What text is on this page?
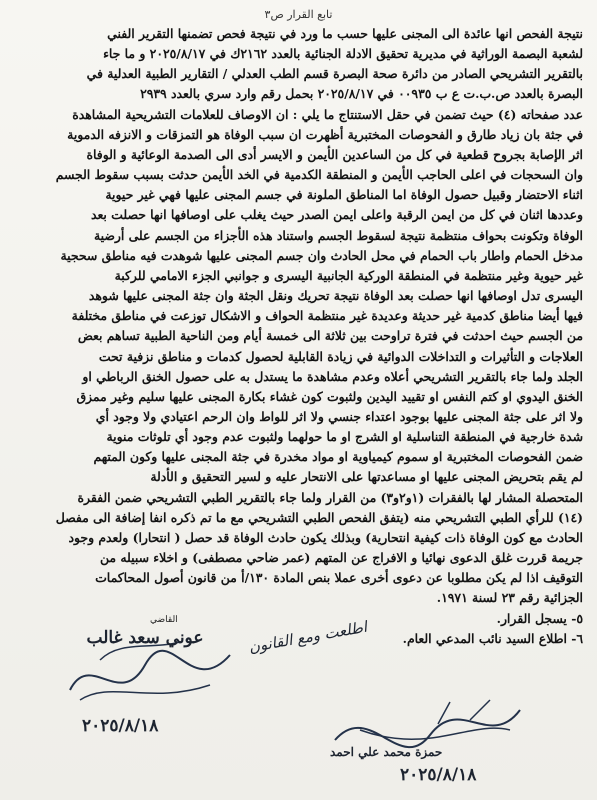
تابع القرار ص٣
نتيجة الفحص انها عائدة الى المجنى عليها حسب ما ورد في نتيجة فحص تضمنها التقرير الفني
لشعبة البصمة الوراثية في مديرية تحقيق الادلة الجنائية بالعدد ٢١٦٢ك في ٢٠٢٥/٨/١٧ و ما جاء
بالتقرير التشريحي الصادر من دائرة صحة البصرة قسم الطب العدلي / التقارير الطبية العدلية في
البصرة بالعدد ص.ب.ت ع ب ٠٠٩٣٥ في ٢٠٢٥/٨/١٧ بحمل رقم وارد سري بالعدد ٢٩٣٩
عدد صفحاته (٤) حيث تضمن في حقل الاستنتاج ما يلي : ان الاوصاف للعلامات التشريحية المشاهدة
في جثة بان زياد طارق و الفحوصات المختبرية أظهرت ان سبب الوفاة هو التمزقات و الانزفه الدموية
اثر الإصابة بجروح قطعية في كل من الساعدين الأيمن و الايسر أدى الى الصدمة الوعائية و الوفاة
وان السحجات في اعلى الحاجب الأيمن و المنطقة الكدمية في الخد الأيمن حدثت بسبب سقوط الجسم
اثناء الاحتضار وقبيل حصول الوفاة اما المناطق الملونة في جسم المجنى عليها فهي غير حيوية
وعددها اثنان في كل من ايمن الرقبة واعلى ايمن الصدر حيث يغلب على اوصافها انها حصلت بعد
الوفاة وتكونت بحواف منتظمة نتيجة لسقوط الجسم واستناد هذه الأجزاء من الجسم على أرضية
مدخل الحمام واطار باب الحمام في محل الحادث وان جسم المجنى عليها شوهدت فيه مناطق سحجية
غير حيوية وغير منتظمة في المنطقة الوركية الجانبية اليسرى و جوانبي الجزء الامامي للركبة
اليسرى تدل اوصافها انها حصلت بعد الوفاة نتيجة تحريك ونقل الجثة وان جثة المجنى عليها شوهد
فيها أيضا مناطق كدمية غير حديثة وعديدة غير منتظمة الحواف و الاشكال توزعت في مناطق مختلفة
من الجسم حيث احدثت في فترة تراوحت بين ثلاثة الى خمسة أيام ومن الناحية الطبية تساهم بعض
العلاجات و التأثيرات و التداخلات الدوائية في زيادة القابلية لحصول كدمات و مناطق نزفية تحت
الجلد ولما جاء بالتقرير التشريحي أعلاه وعدم مشاهدة ما يستدل به على حصول الخنق الرباطي او
الخنق اليدوي او كتم النفس او تقييد اليدين ولثبوت كون غشاء بكارة المجنى عليها سليم وغير ممزق
ولا اثر على جثة المجنى عليها بوجود اعتداء جنسي ولا اثر للواط وان الرحم اعتيادي ولا وجود أي
شدة خارجية في المنطقة التناسلية او الشرج او ما حولهما ولثبوت عدم وجود أي تلوثات منوية
ضمن الفحوصات المختبرية او سموم كيمياوية او مواد مخدرة في جثة المجنى عليها وكون المتهم
لم يقم بتحريض المجنى عليها او مساعدتها على الانتحار عليه و لسير التحقيق و الأدلة
المتحصلة المشار لها بالفقرات (١و٢و٣) من القرار ولما جاء بالتقرير الطبي التشريحي ضمن الفقرة
(١٤) للرأي الطبي التشريحي منه (يتفق الفحص الطبي التشريحي مع ما تم ذكره انفا إضافة الى مفصل
الحادث مع كون الوفاة ذات كيفية انتحارية) وبذلك يكون حادث الوفاة قد حصل ( انتحارا) ولعدم وجود
جريمة قررت غلق الدعوى نهائيا و الافراج عن المتهم (عمر ضاحي مصطفى) و اخلاء سبيله من
التوقيف اذا لم يكن مطلوبا عن دعوى أخرى عملا بنص المادة ١٣٠/أ من قانون أصول المحاكمات
الجزائية رقم ٢٣ لسنة ١٩٧١.
٥- يسجل القرار.
٦- اطلاع السيد نائب المدعي العام.
القاضي
عوني سعد غالب
٢٠٢٥/٨/١٨
اطلعت ومع القانون
حمزة محمد علي احمد
٢٠٢٥/٨/١٨
